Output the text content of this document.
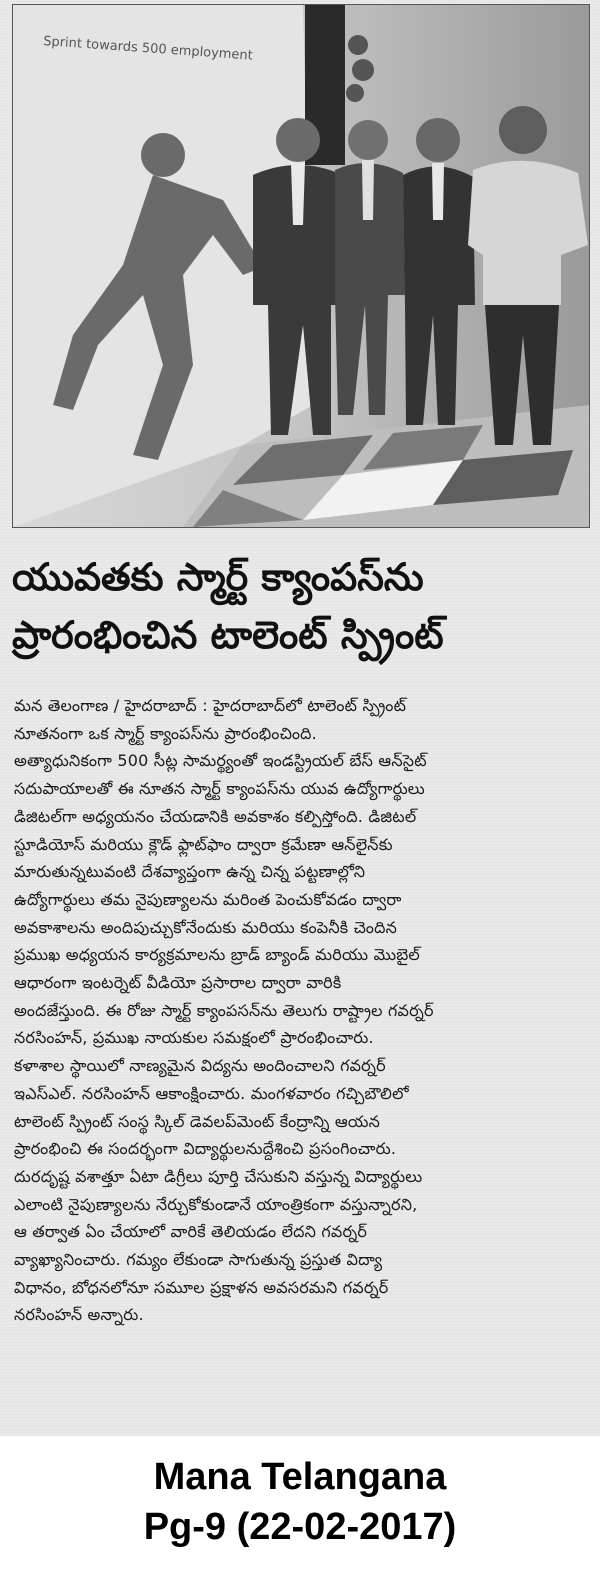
Sprint towards 500 employment
యువతకు స్మార్ట్ క్యాంపస్‌ను
ప్రారంభించిన టాలెంట్ స్ప్రింట్
మన తెలంగాణ / హైదరాబాద్ : హైదరాబాద్‌లో టాలెంట్ స్ప్రింట్
నూతనంగా ఒక స్మార్ట్ క్యాంపస్‌ను ప్రారంభించింది.
అత్యాధునికంగా 500 సీట్ల సామర్థ్యంతో ఇండస్ట్రియల్ బేస్ ఆన్‌సైట్
సదుపాయాలతో ఈ నూతన స్మార్ట్ క్యాంపస్‌ను యువ ఉద్యోగార్థులు
డిజిటల్‌గా అధ్యయనం చేయడానికి అవకాశం కల్పిస్తోంది. డిజిటల్
స్టూడియోస్ మరియు క్లౌడ్ ఫ్లాట్‌ఫాం ద్వారా క్రమేణా ఆన్‌లైన్‌కు
మారుతున్నటువంటి దేశవ్యాప్తంగా ఉన్న చిన్న పట్టణాల్లోని
ఉద్యోగార్థులు తమ నైపుణ్యాలను మరింత పెంచుకోవడం ద్వారా
అవకాశాలను అందిపుచ్చుకోనేందుకు మరియు కంపెనీకి చెందిన
ప్రముఖ అధ్యయన కార్యక్రమాలను బ్రాడ్ బ్యాండ్ మరియు మొబైల్
ఆధారంగా ఇంటర్నెట్ వీడియో ప్రసారాల ద్వారా వారికి
అందజేస్తుంది. ఈ రోజు స్మార్ట్ క్యాంపసన్‌ను తెలుగు రాష్ట్రాల గవర్నర్
నరసింహన్, ప్రముఖ నాయకుల సమక్షంలో ప్రారంభించారు.
కళాశాల స్థాయిలో నాణ్యమైన విద్యను అందించాలని గవర్నర్
ఇఎస్‌ఎల్. నరసింహన్ ఆకాంక్షించారు. మంగళవారం గచ్చిబౌలిలో
టాలెంట్ స్ప్రింట్ సంస్థ స్కిల్ డెవలప్‌మెంట్ కేంద్రాన్ని ఆయన
ప్రారంభించి ఈ సందర్భంగా విద్యార్థులనుద్దేశించి ప్రసంగించారు.
దురదృష్ట వశాత్తూ ఏటా డిగ్రీలు పూర్తి చేసుకుని వస్తున్న విద్యార్థులు
ఎలాంటి నైపుణ్యాలను నేర్చుకోకుండానే యాంత్రికంగా వస్తున్నారని,
ఆ తర్వాత ఏం చేయాలో వారికే తెలియడం లేదని గవర్నర్
వ్యాఖ్యానించారు. గమ్యం లేకుండా సాగుతున్న ప్రస్తుత విద్యా
విధానం, బోధనలోనూ సమూల ప్రక్షాళన అవసరమని గవర్నర్
నరసింహన్ అన్నారు.
Mana Telangana
Pg-9 (22-02-2017)
